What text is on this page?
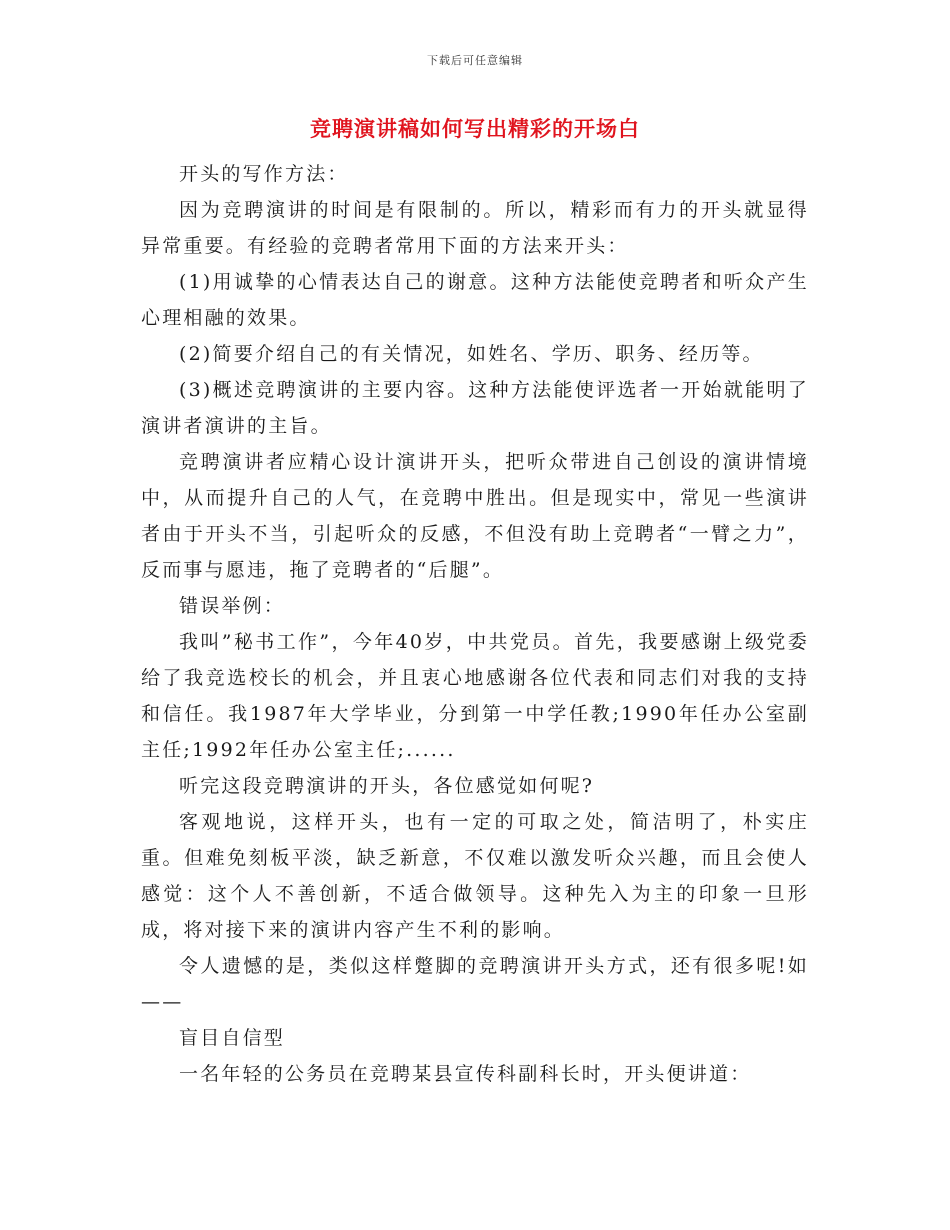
下载后可任意编辑
竞聘演讲稿如何写出精彩的开场白

开头的写作方法：

因为竞聘演讲的时间是有限制的。所以，精彩而有力的开头就显得异常重要。有经验的竞聘者常用下面的方法来开头：

(1)用诚挚的心情表达自己的谢意。这种方法能使竞聘者和听众产生心理相融的效果。

(2)简要介绍自己的有关情况，如姓名、学历、职务、经历等。

(3)概述竞聘演讲的主要内容。这种方法能使评选者一开始就能明了演讲者演讲的主旨。

竞聘演讲者应精心设计演讲开头，把听众带进自己创设的演讲情境中，从而提升自己的人气，在竞聘中胜出。但是现实中，常见一些演讲者由于开头不当，引起听众的反感，不但没有助上竞聘者“一臂之力”，反而事与愿违，拖了竞聘者的“后腿”。

错误举例：

我叫”秘书工作”，今年40岁，中共党员。首先，我要感谢上级党委给了我竞选校长的机会，并且衷心地感谢各位代表和同志们对我的支持和信任。我1987年大学毕业，分到第一中学任教;1990年任办公室副主任;1992年任办公室主任;......

听完这段竞聘演讲的开头，各位感觉如何呢?

客观地说，这样开头，也有一定的可取之处，简洁明了，朴实庄重。但难免刻板平淡，缺乏新意，不仅难以激发听众兴趣，而且会使人感觉：这个人不善创新，不适合做领导。这种先入为主的印象一旦形成，将对接下来的演讲内容产生不利的影响。

令人遗憾的是，类似这样蹩脚的竞聘演讲开头方式，还有很多呢!如——

盲目自信型

一名年轻的公务员在竞聘某县宣传科副科长时，开头便讲道：
